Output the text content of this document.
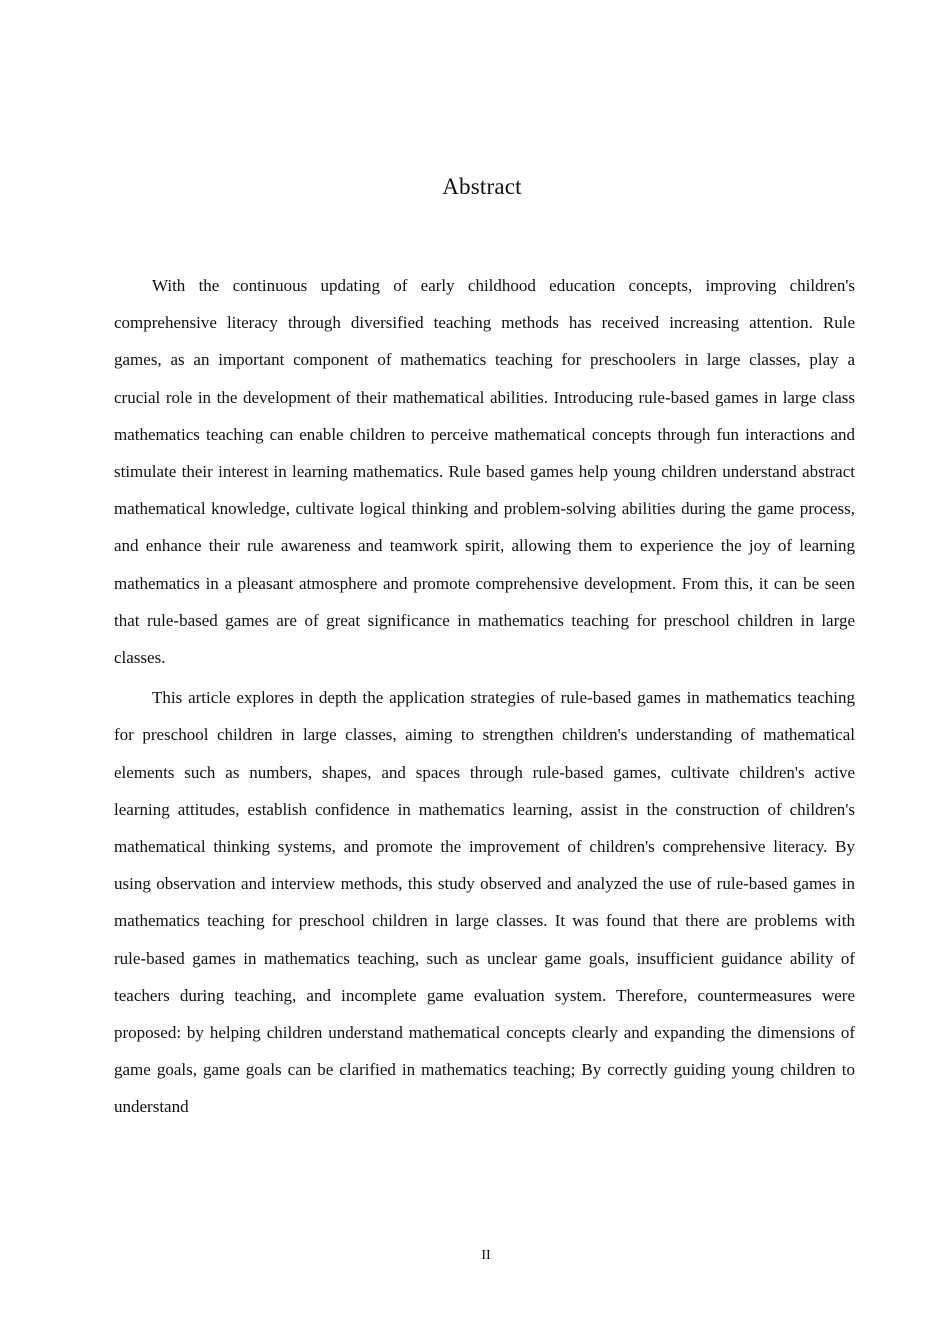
Abstract

With the continuous updating of early childhood education concepts, improving children's comprehensive literacy through diversified teaching methods has received increasing attention. Rule games, as an important component of mathematics teaching for preschoolers in large classes, play a crucial role in the development of their mathematical abilities. Introducing rule-based games in large class mathematics teaching can enable children to perceive mathematical concepts through fun interactions and stimulate their interest in learning mathematics. Rule based games help young children understand abstract mathematical knowledge, cultivate logical thinking and problem-solving abilities during the game process, and enhance their rule awareness and teamwork spirit, allowing them to experience the joy of learning mathematics in a pleasant atmosphere and promote comprehensive development. From this, it can be seen that rule-based games are of great significance in mathematics teaching for preschool children in large classes.

This article explores in depth the application strategies of rule-based games in mathematics teaching for preschool children in large classes, aiming to strengthen children's understanding of mathematical elements such as numbers, shapes, and spaces through rule-based games, cultivate children's active learning attitudes, establish confidence in mathematics learning, assist in the construction of children's mathematical thinking systems, and promote the improvement of children's comprehensive literacy. By using observation and interview methods, this study observed and analyzed the use of rule-based games in mathematics teaching for preschool children in large classes. It was found that there are problems with rule-based games in mathematics teaching, such as unclear game goals, insufficient guidance ability of teachers during teaching, and incomplete game evaluation system. Therefore, countermeasures were proposed: by helping children understand mathematical concepts clearly and expanding the dimensions of game goals, game goals can be clarified in mathematics teaching; By correctly guiding young children to understand

II
